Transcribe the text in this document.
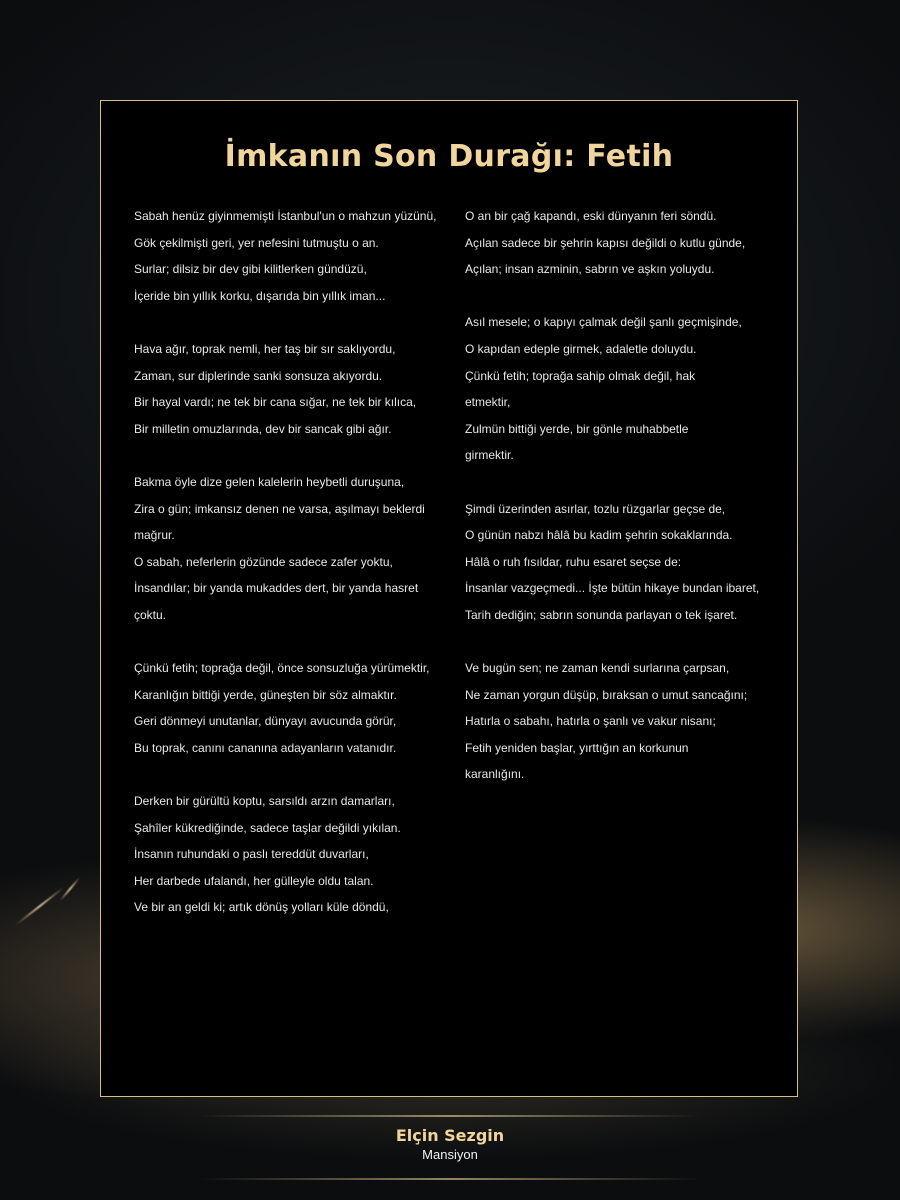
İmkanın Son Durağı: Fetih
Sabah henüz giyinmemişti İstanbul'un o mahzun yüzünü,
Gök çekilmişti geri, yer nefesini tutmuştu o an.
Surlar; dilsiz bir dev gibi kilitlerken gündüzü,
İçeride bin yıllık korku, dışarıda bin yıllık iman...
Hava ağır, toprak nemli, her taş bir sır saklıyordu,
Zaman, sur diplerinde sanki sonsuza akıyordu.
Bir hayal vardı; ne tek bir cana sığar, ne tek bir kılıca,
Bir milletin omuzlarında, dev bir sancak gibi ağır.
Bakma öyle dize gelen kalelerin heybetli duruşuna,
Zira o gün; imkansız denen ne varsa, aşılmayı beklerdi
mağrur.
O sabah, neferlerin gözünde sadece zafer yoktu,
İnsandılar; bir yanda mukaddes dert, bir yanda hasret
çoktu.
Çünkü fetih; toprağa değil, önce sonsuzluğa yürümektir,
Karanlığın bittiği yerde, güneşten bir söz almaktır.
Geri dönmeyi unutanlar, dünyayı avucunda görür,
Bu toprak, canını cananına adayanların vatanıdır.
Derken bir gürültü koptu, sarsıldı arzın damarları,
Şahîler kükrediğinde, sadece taşlar değildi yıkılan.
İnsanın ruhundaki o paslı tereddüt duvarları,
Her darbede ufalandı, her gülleyle oldu talan.
Ve bir an geldi ki; artık dönüş yolları küle döndü,
O an bir çağ kapandı, eski dünyanın feri söndü.
Açılan sadece bir şehrin kapısı değildi o kutlu günde,
Açılan; insan azminin, sabrın ve aşkın yoluydu.
Asıl mesele; o kapıyı çalmak değil şanlı geçmişinde,
O kapıdan edeple girmek, adaletle doluydu.
Çünkü fetih; toprağa sahip olmak değil, hak
etmektir,
Zulmün bittiği yerde, bir gönle muhabbetle
girmektir.
Şimdi üzerinden asırlar, tozlu rüzgarlar geçse de,
O günün nabzı hâlâ bu kadim şehrin sokaklarında.
Hâlâ o ruh fısıldar, ruhu esaret seçse de:
İnsanlar vazgeçmedi... İşte bütün hikaye bundan ibaret,
Tarih dediğin; sabrın sonunda parlayan o tek işaret.
Ve bugün sen; ne zaman kendi surlarına çarpsan,
Ne zaman yorgun düşüp, bıraksan o umut sancağını;
Hatırla o sabahı, hatırla o şanlı ve vakur nisanı;
Fetih yeniden başlar, yırttığın an korkunun
karanlığını.
Elçin Sezgin
Mansiyon
